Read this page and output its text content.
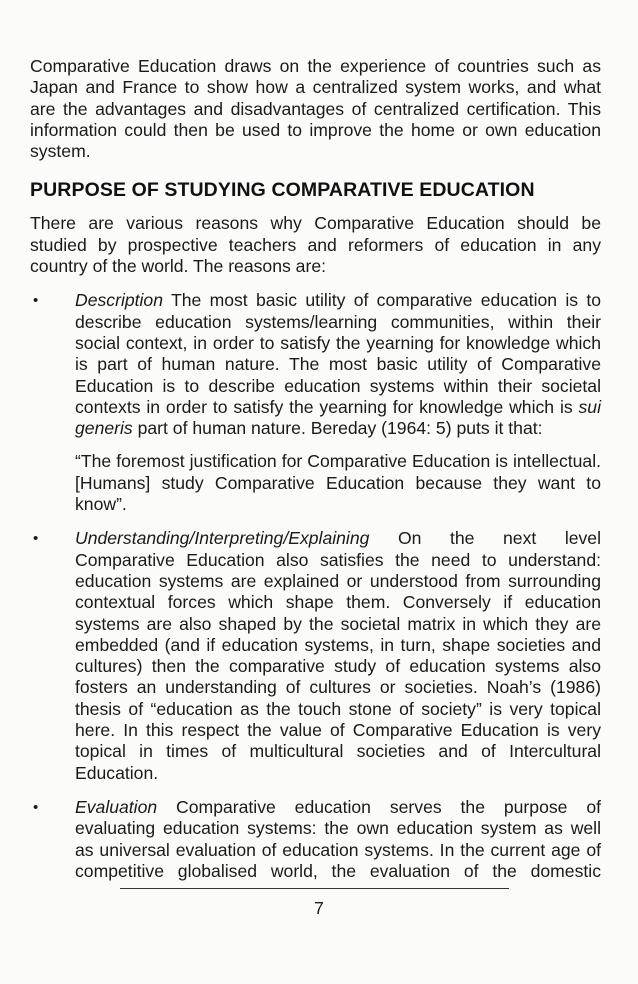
Comparative Education draws on the experience of countries such as Japan and France to show how a centralized system works, and what are the advantages and disadvantages of centralized certification. This information could then be used to improve the home or own education system.

PURPOSE OF STUDYING COMPARATIVE EDUCATION

There are various reasons why Comparative Education should be studied by prospective teachers and reformers of education in any country of the world. The reasons are:

• Description The most basic utility of comparative education is to describe education systems/learning communities, within their social context, in order to satisfy the yearning for knowledge which is part of human nature. The most basic utility of Comparative Education is to describe education systems within their societal contexts in order to satisfy the yearning for knowledge which is sui generis part of human nature. Bereday (1964: 5) puts it that:

“The foremost justification for Comparative Education is intellectual. [Humans] study Comparative Education because they want to know”.

• Understanding/Interpreting/Explaining On the next level Comparative Education also satisfies the need to understand: education systems are explained or understood from surrounding contextual forces which shape them. Conversely if education systems are also shaped by the societal matrix in which they are embedded (and if education systems, in turn, shape societies and cultures) then the comparative study of education systems also fosters an understanding of cultures or societies. Noah’s (1986) thesis of “education as the touch stone of society” is very topical here. In this respect the value of Comparative Education is very topical in times of multicultural societies and of Intercultural Education.

• Evaluation Comparative education serves the purpose of evaluating education systems: the own education system as well as universal evaluation of education systems. In the current age of competitive globalised world, the evaluation of the domestic

7
